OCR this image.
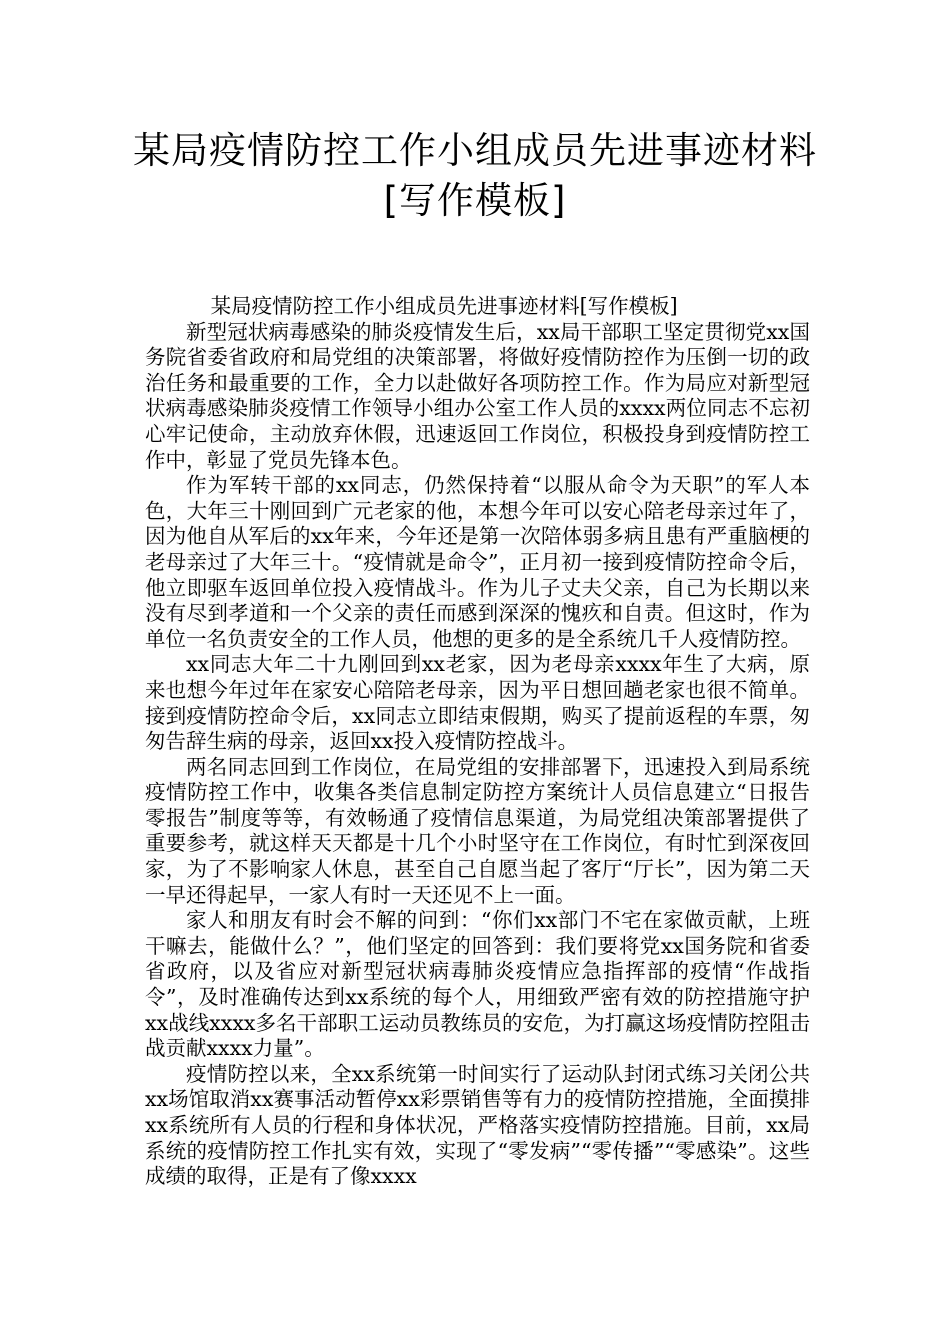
某局疫情防控工作小组成员先进事迹材料[写作模板]

某局疫情防控工作小组成员先进事迹材料[写作模板]

新型冠状病毒感染的肺炎疫情发生后，xx局干部职工坚定贯彻党xx国务院省委省政府和局党组的决策部署，将做好疫情防控作为压倒一切的政治任务和最重要的工作，全力以赴做好各项防控工作。作为局应对新型冠状病毒感染肺炎疫情工作领导小组办公室工作人员的xxxx两位同志不忘初心牢记使命，主动放弃休假，迅速返回工作岗位，积极投身到疫情防控工作中，彰显了党员先锋本色。

作为军转干部的xx同志，仍然保持着“以服从命令为天职”的军人本色，大年三十刚回到广元老家的他，本想今年可以安心陪老母亲过年了，因为他自从军后的xx年来，今年还是第一次陪体弱多病且患有严重脑梗的老母亲过了大年三十。“疫情就是命令”，正月初一接到疫情防控命令后，他立即驱车返回单位投入疫情战斗。作为儿子丈夫父亲，自己为长期以来没有尽到孝道和一个父亲的责任而感到深深的愧疚和自责。但这时，作为单位一名负责安全的工作人员，他想的更多的是全系统几千人疫情防控。

xx同志大年二十九刚回到xx老家，因为老母亲xxxx年生了大病，原来也想今年过年在家安心陪陪老母亲，因为平日想回趟老家也很不简单。接到疫情防控命令后，xx同志立即结束假期，购买了提前返程的车票，匆匆告辞生病的母亲，返回xx投入疫情防控战斗。

两名同志回到工作岗位，在局党组的安排部署下，迅速投入到局系统疫情防控工作中，收集各类信息制定防控方案统计人员信息建立“日报告零报告”制度等等，有效畅通了疫情信息渠道，为局党组决策部署提供了重要参考，就这样天天都是十几个小时坚守在工作岗位，有时忙到深夜回家，为了不影响家人休息，甚至自己自愿当起了客厅“厅长”，因为第二天一早还得起早，一家人有时一天还见不上一面。

家人和朋友有时会不解的问到：“你们xx部门不宅在家做贡献，上班干嘛去，能做什么？”，他们坚定的回答到：我们要将党xx国务院和省委省政府，以及省应对新型冠状病毒肺炎疫情应急指挥部的疫情“作战指令”，及时准确传达到xx系统的每个人，用细致严密有效的防控措施守护xx战线xxxx多名干部职工运动员教练员的安危，为打赢这场疫情防控阻击战贡献xxxx力量”。

疫情防控以来，全xx系统第一时间实行了运动队封闭式练习关闭公共xx场馆取消xx赛事活动暂停xx彩票销售等有力的疫情防控措施，全面摸排xx系统所有人员的行程和身体状况，严格落实疫情防控措施。目前，xx局系统的疫情防控工作扎实有效，实现了“零发病”“零传播”“零感染”。这些成绩的取得，正是有了像xxxx
